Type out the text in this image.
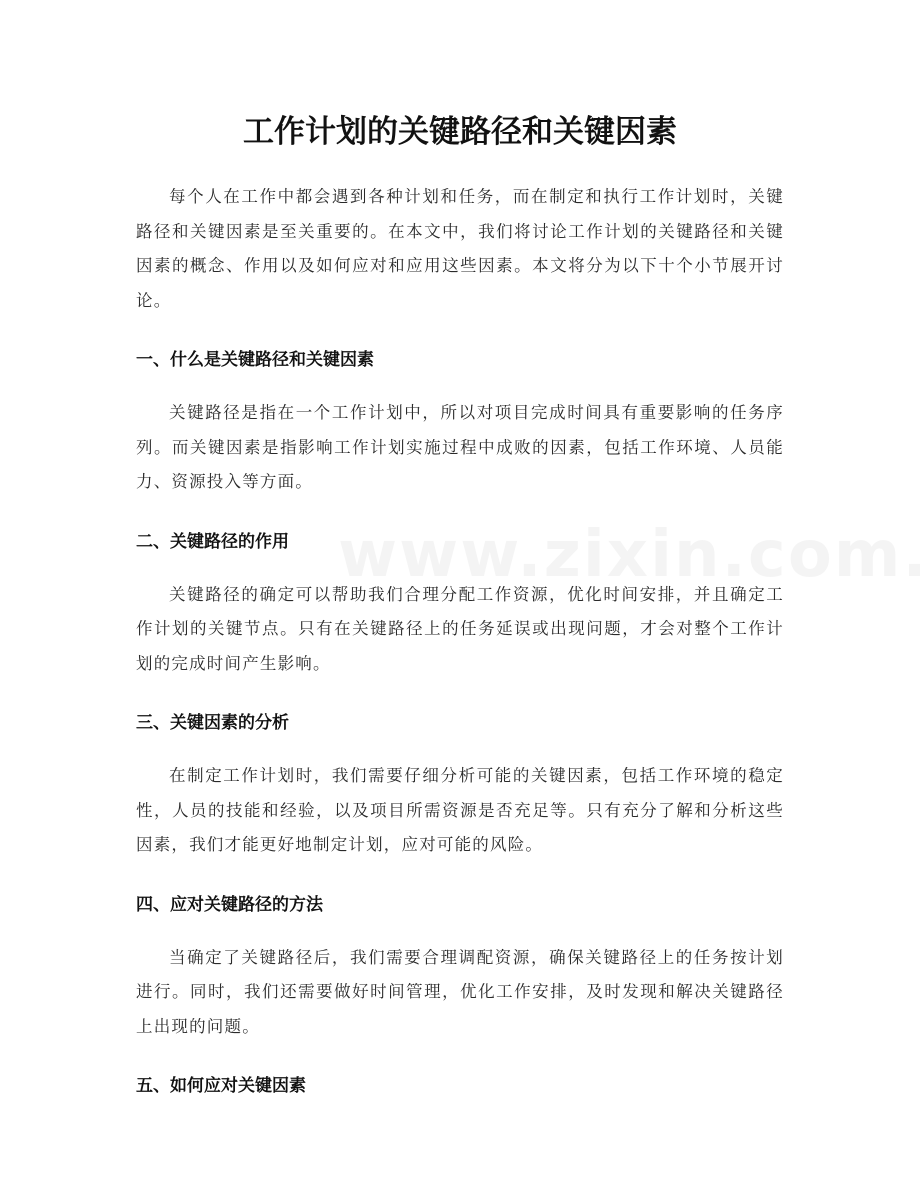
工作计划的关键路径和关键因素

每个人在工作中都会遇到各种计划和任务，而在制定和执行工作计划时，关键路径和关键因素是至关重要的。在本文中，我们将讨论工作计划的关键路径和关键因素的概念、作用以及如何应对和应用这些因素。本文将分为以下十个小节展开讨论。

一、什么是关键路径和关键因素

关键路径是指在一个工作计划中，所以对项目完成时间具有重要影响的任务序列。而关键因素是指影响工作计划实施过程中成败的因素，包括工作环境、人员能力、资源投入等方面。

二、关键路径的作用

关键路径的确定可以帮助我们合理分配工作资源，优化时间安排，并且确定工作计划的关键节点。只有在关键路径上的任务延误或出现问题，才会对整个工作计划的完成时间产生影响。

三、关键因素的分析

在制定工作计划时，我们需要仔细分析可能的关键因素，包括工作环境的稳定性，人员的技能和经验，以及项目所需资源是否充足等。只有充分了解和分析这些因素，我们才能更好地制定计划，应对可能的风险。

四、应对关键路径的方法

当确定了关键路径后，我们需要合理调配资源，确保关键路径上的任务按计划进行。同时，我们还需要做好时间管理，优化工作安排，及时发现和解决关键路径上出现的问题。

五、如何应对关键因素
